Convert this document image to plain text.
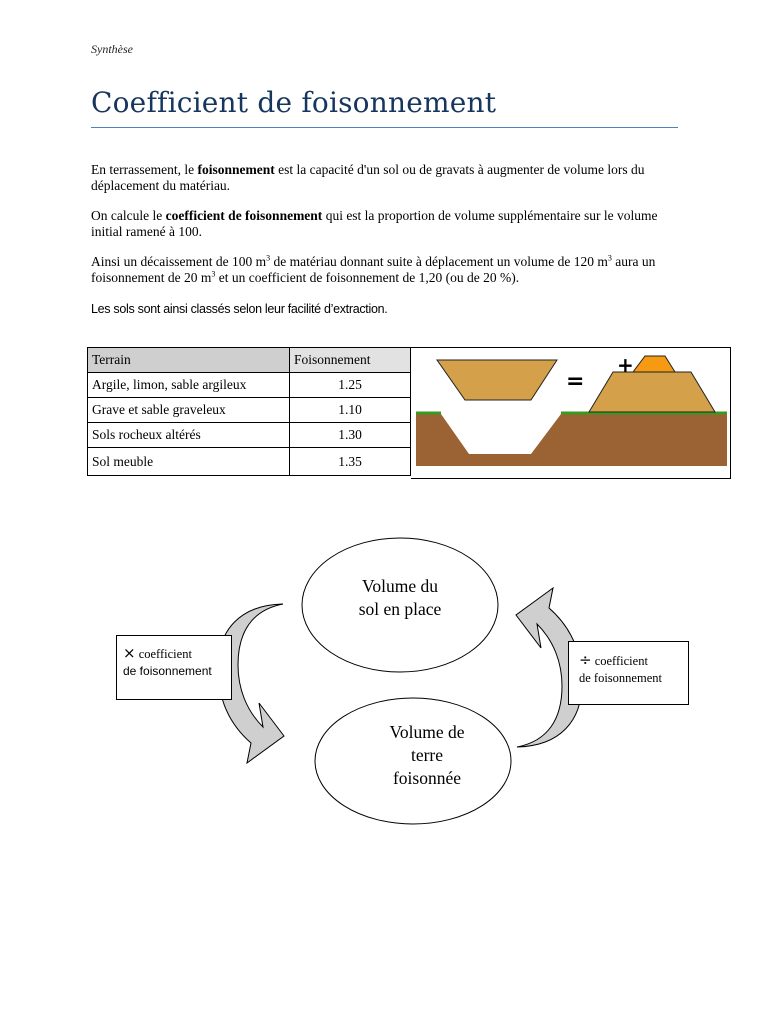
Synthèse
Coefficient de foisonnement
En terrassement, le foisonnement est la capacité d'un sol ou de gravats à augmenter de volume lors du déplacement du matériau.
On calcule le coefficient de foisonnement qui est la proportion de volume supplémentaire sur le volume initial ramené à 100.
Ainsi un décaissement de 100 $m^3$ de matériau donnant suite à déplacement un volume de 120 $m^3$ aura un foisonnement de 20 $m^3$ et un coefficient de foisonnement de 1,20 (ou de 20 %).
Les sols sont ainsi classés selon leur facilité d’extraction.
Terrain	Foisonnement
Argile, limon, sable argileux	1.25
Grave et sable graveleux	1.10
Sols rocheux altérés	1.30
Sol meuble	1.35
=
+
Volume du
sol en place
Volume de
terre
foisonnée
× coefficient
de foisonnement
÷ coefficient
de foisonnement
